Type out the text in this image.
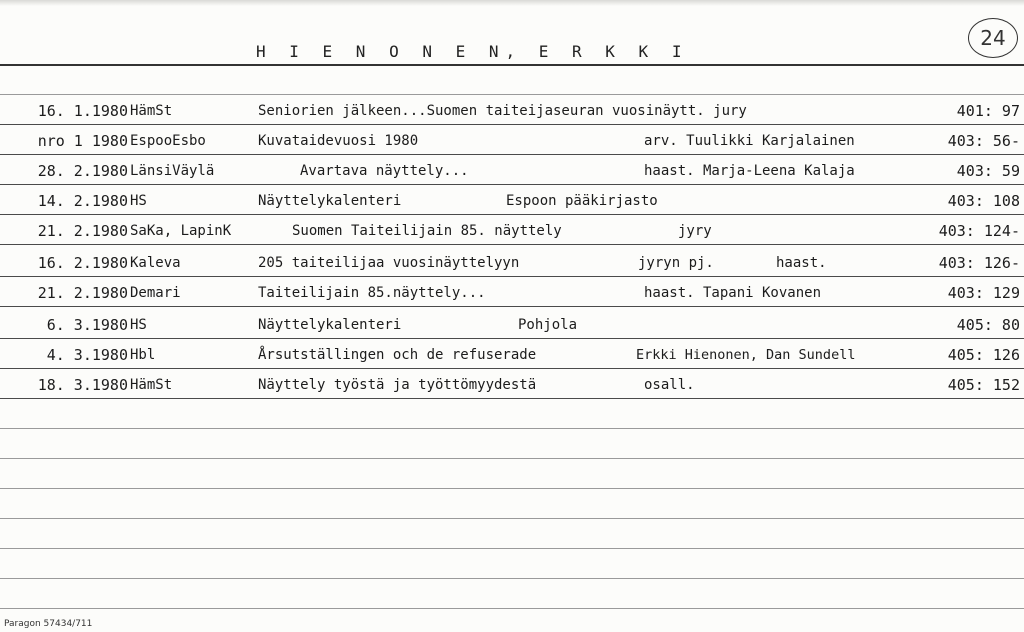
H I E N O N E N, E R K K I
24
16. 1.1980 HämSt	Seniorien jälkeen...Suomen taiteijaseuran vuosinäytt. jury	401: 97
nro 1 1980 EspooEsbo	Kuvataidevuosi 1980	arv. Tuulikki Karjalainen	403: 56-
28. 2.1980 LänsiVäylä	Avartava näyttely...	haast. Marja-Leena Kalaja	403: 59
14. 2.1980 HS	Näyttelykalenteri	Espoon pääkirjasto	403: 108
21. 2.1980 SaKa, LapinK	Suomen Taiteilijain 85. näyttely	jyry	403: 124-
16. 2.1980 Kaleva	205 taiteilijaa vuosinäyttelyyn	jyryn pj.	haast.	403: 126-
21. 2.1980 Demari	Taiteilijain 85.näyttely...	haast. Tapani Kovanen	403: 129
6. 3.1980 HS	Näyttelykalenteri	Pohjola	405: 80
4. 3.1980 Hbl	Årsutställingen och de refuserade	Erkki Hienonen, Dan Sundell	405: 126
18. 3.1980 HämSt	Näyttely työstä ja työttömyydestä	osall.	405: 152
Paragon 57434/711
